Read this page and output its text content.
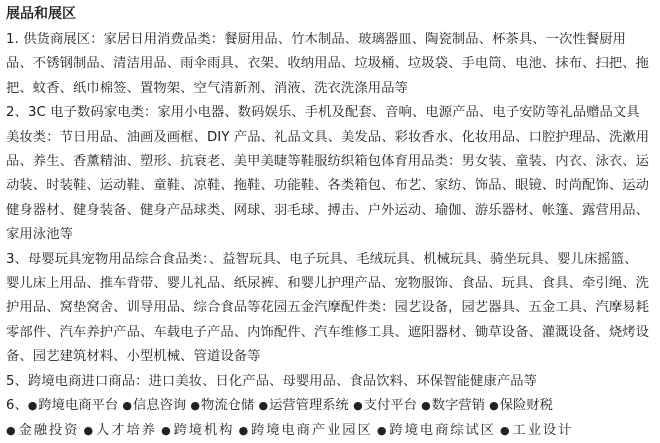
展品和展区

1. 供货商展区：家居日用消费品类：餐厨用品、竹木制品、玻璃器皿、陶瓷制品、杯茶具、一次性餐厨用品、不锈钢制品、清洁用品、雨伞雨具、衣架、收纳用品、垃圾桶、垃圾袋、手电筒、电池、抹布、扫把、拖把、蚊香、纸巾棉签、置物架、空气清新剂、消液、洗衣洗涤用品等

2、3C 电子数码家电类：家用小电器、数码娱乐、手机及配套、音响、电源产品、电子安防等礼品赠品文具美妆类：节日用品、油画及画框、DIY 产品、礼品文具、美发品、彩妆香水、化妆用品、口腔护理品、洗漱用品、养生、香薰精油、塑形、抗衰老、美甲美睫等鞋服纺织箱包体育用品类：男女装、童装、内衣、泳衣、运动装、时装鞋、运动鞋、童鞋、凉鞋、拖鞋、功能鞋、各类箱包、布艺、家纺、饰品、眼镜、时尚配饰、运动健身器材、健身装备、健身产品球类、网球、羽毛球、搏击、户外运动、瑜伽、游乐器材、帐篷、露营用品、家用泳池等

3、母婴玩具宠物用品综合食品类：、益智玩具、电子玩具、毛绒玩具、机械玩具、骑坐玩具、婴儿床摇篮、婴儿床上用品、推车背带、婴儿礼品、纸尿裤、和婴儿护理产品、宠物服饰、食品、玩具、食具、牵引绳、洗护用品、窝垫窝舍、训导用品、综合食品等花园五金汽摩配件类：园艺设备，园艺器具、五金工具、汽摩易耗零部件、汽车养护产品、车载电子产品、内饰配件、汽车维修工具、遮阳器材、锄草设备、灌溉设备、烧烤设备、园艺建筑材料、小型机械、管道设备等

5、跨境电商进口商品：进口美妆、日化产品、母婴用品、食品饮料、环保智能健康产品等

6、 ● 跨境电商平台 ● 信息咨询 ● 物流仓储 ● 运营管理系统 ● 支付平台 ● 数字营销 ● 保险财税

● 金融投资 ● 人才培养 ● 跨境机构 ● 跨境电商产业园区 ● 跨境电商综试区 ● 工业设计
